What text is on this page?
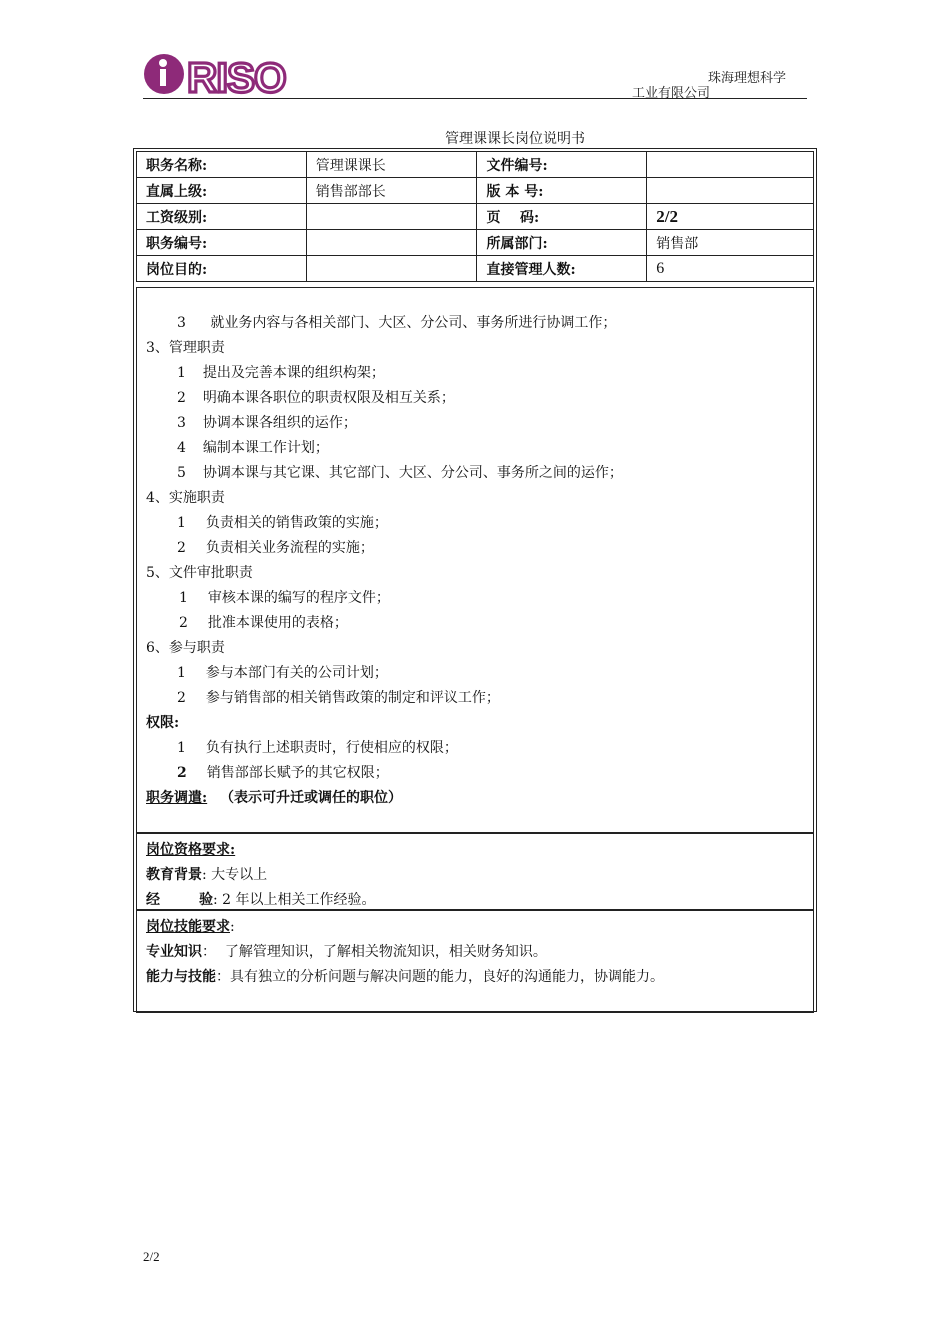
RISO	珠海理想科学
工业有限公司
管理课课长岗位说明书
职务名称:	管理课课长	文件编号:	
直属上级:	销售部部长	版 本 号:	
工资级别:		页    码:	2/2
职务编号:		所属部门:	销售部
岗位目的:		直接管理人数:	6
3 就业务内容与各相关部门、大区、分公司、事务所进行协调工作；
3、管理职责
1 提出及完善本课的组织构架；
2 明确本课各职位的职责权限及相互关系；
3 协调本课各组织的运作；
4 编制本课工作计划；
5 协调本课与其它课、其它部门、大区、分公司、事务所之间的运作；
4、实施职责
1 负责相关的销售政策的实施；
2 负责相关业务流程的实施；
5、文件审批职责
1 审核本课的编写的程序文件；
2 批准本课使用的表格；
6、参与职责
1 参与本部门有关的公司计划；
2 参与销售部的相关销售政策的制定和评议工作；
权限:
1 负有执行上述职责时，行使相应的权限；
2 销售部部长赋予的其它权限；
职务调遣: （表示可升迁或调任的职位）
岗位资格要求:
教育背景: 大专以上
经        验: 2 年以上相关工作经验。
岗位技能要求:
专业知识：  了解管理知识，了解相关物流知识，相关财务知识。
能力与技能：具有独立的分析问题与解决问题的能力，良好的沟通能力，协调能力。
2/2
